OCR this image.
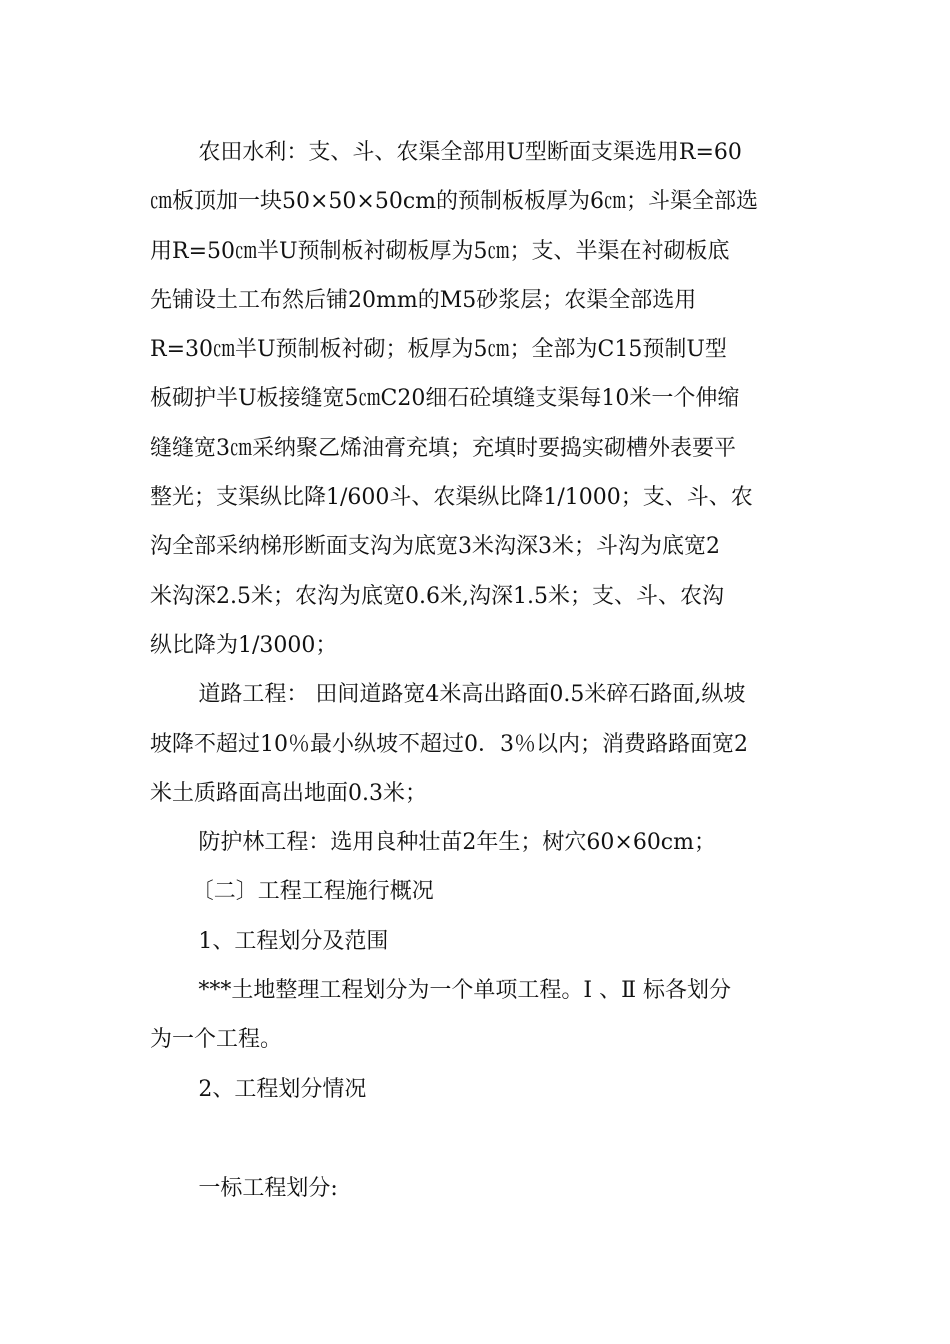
农田水利：支、斗、农渠全部用U型断面支渠选用R=60
㎝板顶加一块50×50×50cm的预制板板厚为6㎝；斗渠全部选
用R=50㎝半U预制板衬砌板厚为5㎝；支、半渠在衬砌板底
先铺设土工布然后铺20mm的M5砂浆层；农渠全部选用
R=30㎝半U预制板衬砌；板厚为5㎝；全部为C15预制U型
板砌护半U板接缝宽5㎝C20细石砼填缝支渠每10米一个伸缩
缝缝宽3㎝采纳聚乙烯油膏充填；充填时要捣实砌槽外表要平
整光；支渠纵比降1/600斗、农渠纵比降1/1000；支、斗、农
沟全部采纳梯形断面支沟为底宽3米沟深3米；斗沟为底宽2
米沟深2.5米；农沟为底宽0.6米,沟深1.5米；支、斗、农沟
纵比降为1/3000；

道路工程： 田间道路宽4米高出路面0.5米碎石路面,纵坡
坡降不超过10％最小纵坡不超过0．3％以内；消费路路面宽2
米土质路面高出地面0.3米；

防护林工程：选用良种壮苗2年生；树穴60×60cm；

〔二〕工程工程施行概况

1、工程划分及范围

***土地整理工程划分为一个单项工程。Ⅰ 、Ⅱ 标各划分
为一个工程。

2、工程划分情况

一标工程划分:
